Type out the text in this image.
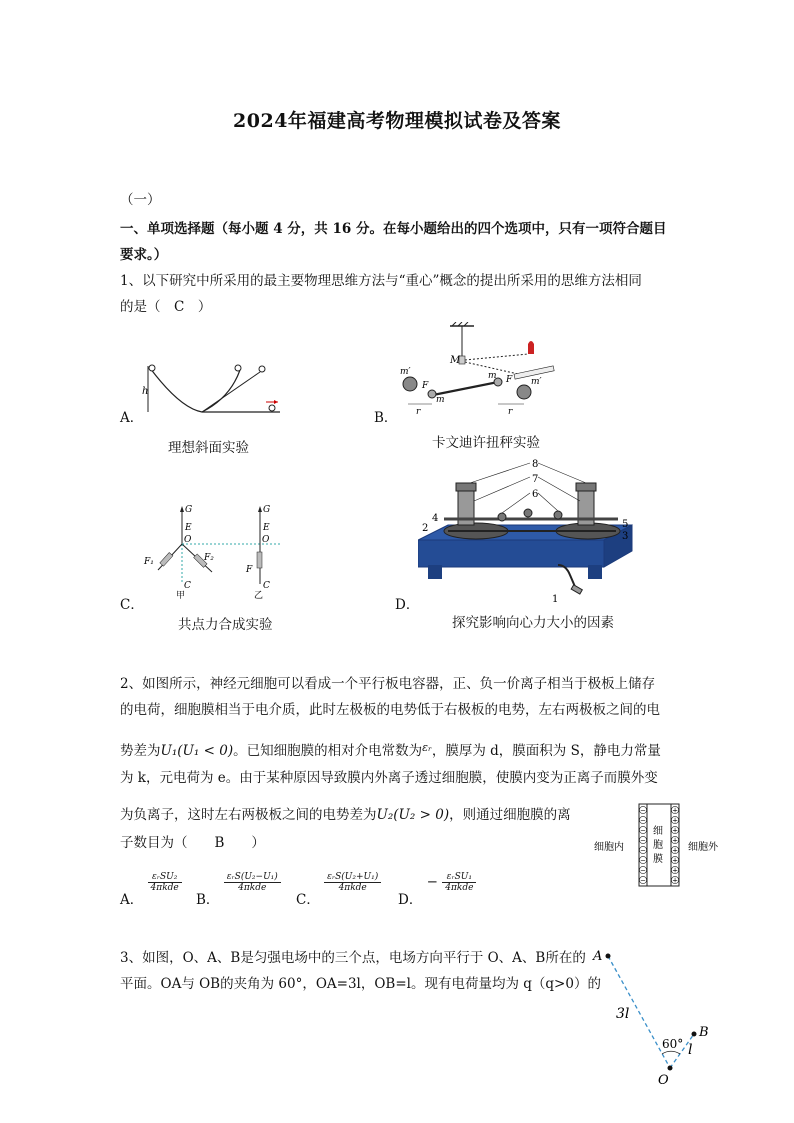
2024年福建高考物理模拟试卷及答案
（一）
一、单项选择题（每小题 4 分，共 16 分。在每小题给出的四个选项中，只有一项符合题目
要求。）
1、以下研究中所采用的最主要物理思维方法与“重心”概念的提出所采用的思维方法相同
的是（　C　）
h
A．
理想斜面实验
M
m′
m′
m
m
F
F
r	r
B．
卡文迪许扭秤实验
G
E
O
C
F₁	F₂
甲
G
E
O
F
C
乙
C．
共点力合成实验
8
7
6
4
2	5
3
1
D．
探究影响向心力大小的因素
2、如图所示，神经元细胞可以看成一个平行板电容器，正、负一价离子相当于极板上储存
的电荷，细胞膜相当于电介质，此时左极板的电势低于右极板的电势，左右两极板之间的电
势差为U₁(U₁ < 0)。已知细胞膜的相对介电常数为$^{\varepsilon ᵣ}$，膜厚为 d，膜面积为 S，静电力常量
为 k，元电荷为 e。由于某种原因导致膜内外离子透过细胞膜，使膜内变为正离子而膜外变
为负离子，这时左右两极板之间的电势差为U₂(U₂ > 0)，则通过细胞膜的离
子数目为（　　B　　）
A．
$\frac{\text{εᵣSU₂}}{\text{4πkde}}$
B．
$\frac{\text{εᵣS(U₂−U₁)}}{\text{4πkde}}$
C．
$\frac{\text{εᵣS(U₂+U₁)}}{\text{4πkde}}$
D． − $\frac{\text{εᵣSU₁}}{\text{4πkde}}$
−
−
−
−
−
−
−
−
+
+
+
+
+
+
+
+
细
胞
膜
细胞内	细胞外
3、如图，O、A、B是匀强电场中的三个点，电场方向平行于 O、A、B所在的
平面。OA与 OB的夹角为 60°，OA=3l，OB=l。现有电荷量均为 q（q>0）的
A
B
O
3l
l
60°
